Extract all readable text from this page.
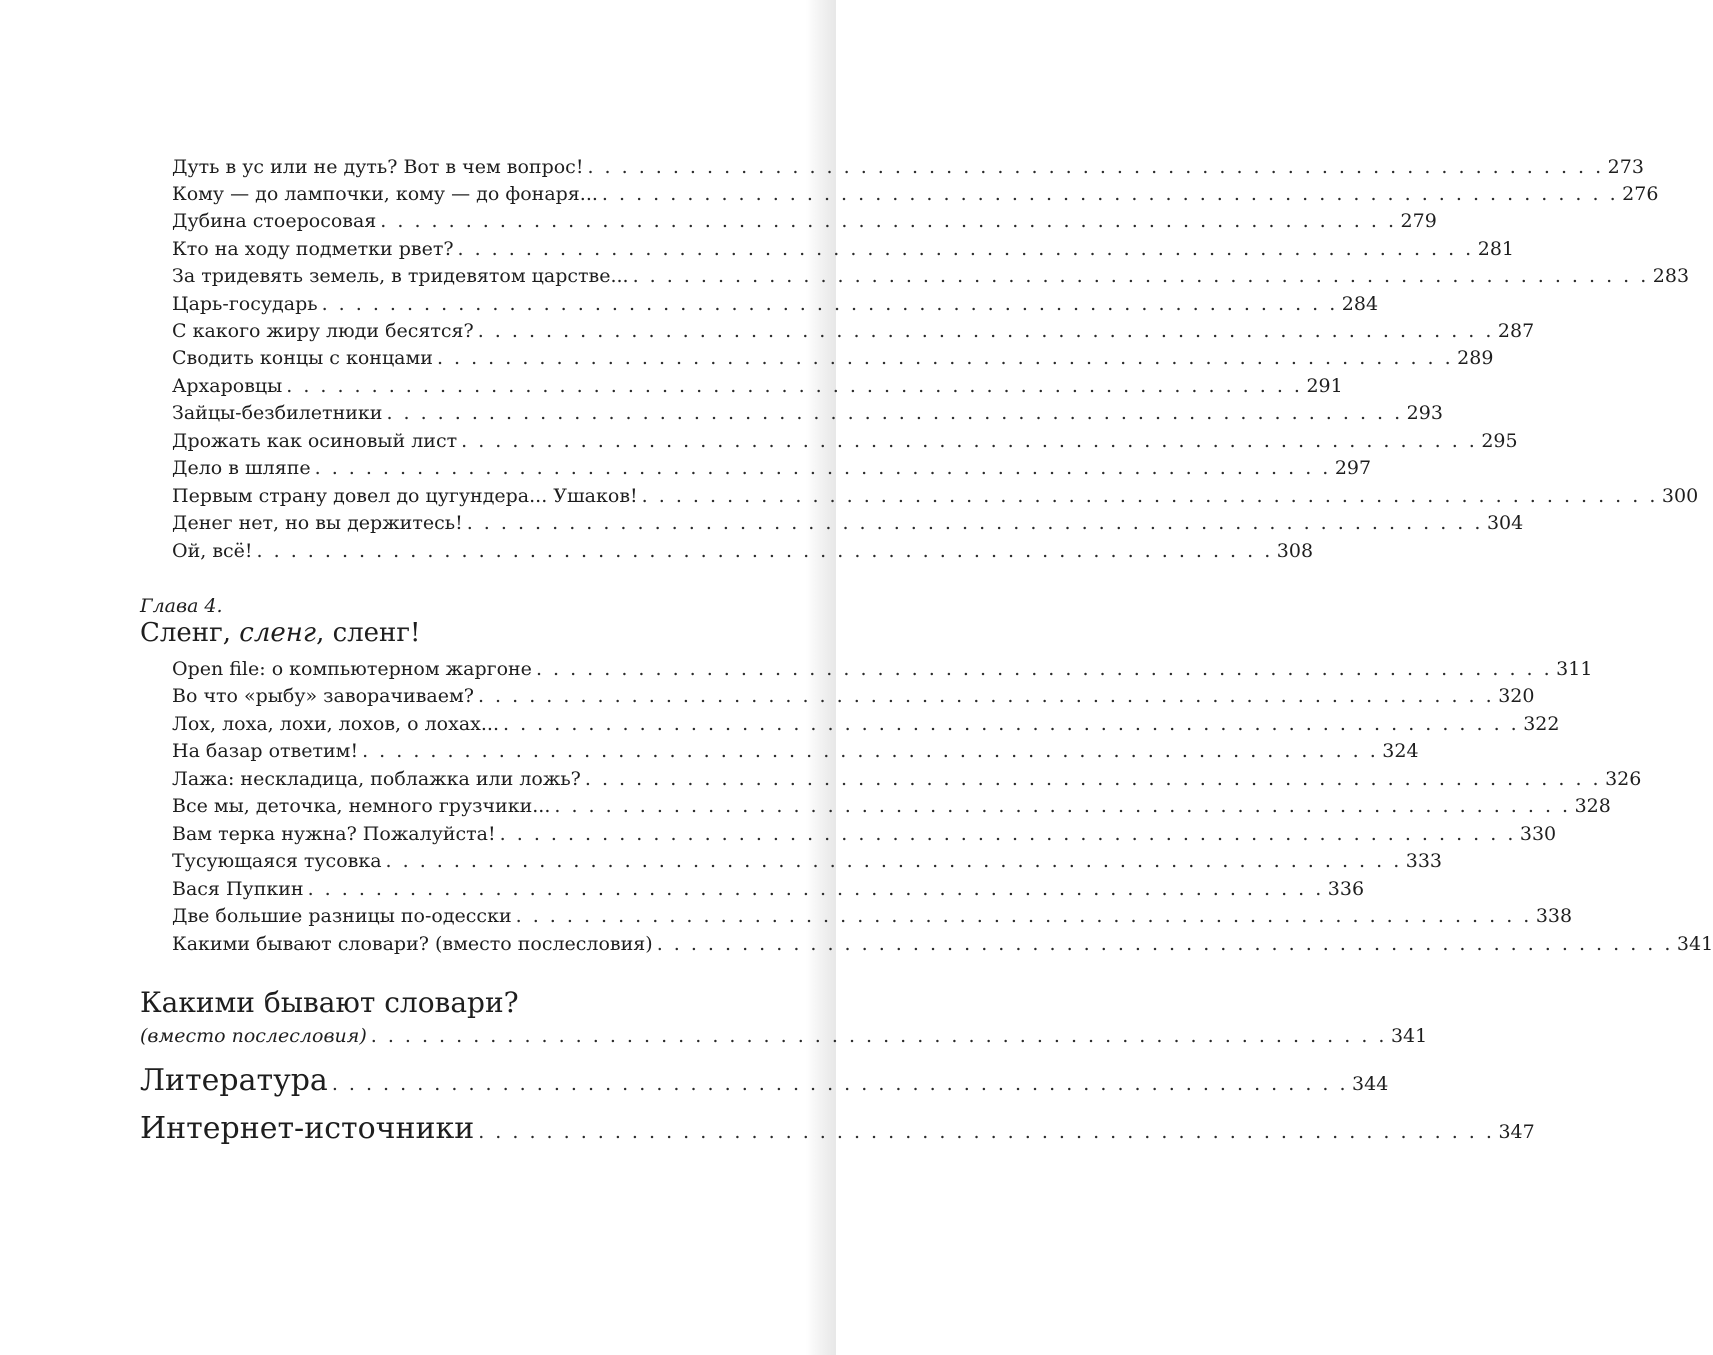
Дуть в ус или не дуть? Вот в чем вопрос! . . . . . . . . . . . . . . . . . . . . . . . . . . . . . . . . . . . . . . . . . . . . . . . . . . . . . . . . . . . . 273
Кому — до лампочки, кому — до фонаря... . . . . . . . . . . . . . . . . . . . . . . . . . . . . . . . . . . . . . . . . . . . . . . . . . . . . . . . . . . . . 276
Дубина стоеросовая . . . . . . . . . . . . . . . . . . . . . . . . . . . . . . . . . . . . . . . . . . . . . . . . . . . . . . . . . . . . 279
Кто на ходу подметки рвет? . . . . . . . . . . . . . . . . . . . . . . . . . . . . . . . . . . . . . . . . . . . . . . . . . . . . . . . . . . . . 281
За тридевять земель, в тридевятом царстве... . . . . . . . . . . . . . . . . . . . . . . . . . . . . . . . . . . . . . . . . . . . . . . . . . . . . . . . . . . . . 283
Царь-государь . . . . . . . . . . . . . . . . . . . . . . . . . . . . . . . . . . . . . . . . . . . . . . . . . . . . . . . . . . . . 284
С какого жиру люди бесятся? . . . . . . . . . . . . . . . . . . . . . . . . . . . . . . . . . . . . . . . . . . . . . . . . . . . . . . . . . . . . 287
Сводить концы с концами . . . . . . . . . . . . . . . . . . . . . . . . . . . . . . . . . . . . . . . . . . . . . . . . . . . . . . . . . . . . 289
Архаровцы . . . . . . . . . . . . . . . . . . . . . . . . . . . . . . . . . . . . . . . . . . . . . . . . . . . . . . . . . . . . 291
Зайцы-безбилетники . . . . . . . . . . . . . . . . . . . . . . . . . . . . . . . . . . . . . . . . . . . . . . . . . . . . . . . . . . . . 293
Дрожать как осиновый лист . . . . . . . . . . . . . . . . . . . . . . . . . . . . . . . . . . . . . . . . . . . . . . . . . . . . . . . . . . . . 295
Дело в шляпе . . . . . . . . . . . . . . . . . . . . . . . . . . . . . . . . . . . . . . . . . . . . . . . . . . . . . . . . . . . . 297
Первым страну довел до цугундера... Ушаков! . . . . . . . . . . . . . . . . . . . . . . . . . . . . . . . . . . . . . . . . . . . . . . . . . . . . . . . . . . . . 300
Денег нет, но вы держитесь! . . . . . . . . . . . . . . . . . . . . . . . . . . . . . . . . . . . . . . . . . . . . . . . . . . . . . . . . . . . . 304
Ой, всё! . . . . . . . . . . . . . . . . . . . . . . . . . . . . . . . . . . . . . . . . . . . . . . . . . . . . . . . . . . . . 308
Глава 4.
Сленг, сленг, сленг!
Open file: о компьютерном жаргоне . . . . . . . . . . . . . . . . . . . . . . . . . . . . . . . . . . . . . . . . . . . . . . . . . . . . . . . . . . . . 311
Во что «рыбу» заворачиваем? . . . . . . . . . . . . . . . . . . . . . . . . . . . . . . . . . . . . . . . . . . . . . . . . . . . . . . . . . . . . 320
Лох, лоха, лохи, лохов, о лохах... . . . . . . . . . . . . . . . . . . . . . . . . . . . . . . . . . . . . . . . . . . . . . . . . . . . . . . . . . . . . 322
На базар ответим! . . . . . . . . . . . . . . . . . . . . . . . . . . . . . . . . . . . . . . . . . . . . . . . . . . . . . . . . . . . . 324
Лажа: нескладица, поблажка или ложь? . . . . . . . . . . . . . . . . . . . . . . . . . . . . . . . . . . . . . . . . . . . . . . . . . . . . . . . . . . . . 326
Все мы, деточка, немного грузчики... . . . . . . . . . . . . . . . . . . . . . . . . . . . . . . . . . . . . . . . . . . . . . . . . . . . . . . . . . . . . 328
Вам терка нужна? Пожалуйста! . . . . . . . . . . . . . . . . . . . . . . . . . . . . . . . . . . . . . . . . . . . . . . . . . . . . . . . . . . . . 330
Тусующаяся тусовка . . . . . . . . . . . . . . . . . . . . . . . . . . . . . . . . . . . . . . . . . . . . . . . . . . . . . . . . . . . . 333
Вася Пупкин . . . . . . . . . . . . . . . . . . . . . . . . . . . . . . . . . . . . . . . . . . . . . . . . . . . . . . . . . . . . 336
Две большие разницы по-одесски . . . . . . . . . . . . . . . . . . . . . . . . . . . . . . . . . . . . . . . . . . . . . . . . . . . . . . . . . . . . 338
Какими бывают словари? (вместо послесловия) . . . . . . . . . . . . . . . . . . . . . . . . . . . . . . . . . . . . . . . . . . . . . . . . . . . . . . . . . . . . 341
Какими бывают словари?
(вместо послесловия) . . . . . . . . . . . . . . . . . . . . . . . . . . . . . . . . . . . . . . . . . . . . . . . . . . . . . . . . . . . . 341
Литература . . . . . . . . . . . . . . . . . . . . . . . . . . . . . . . . . . . . . . . . . . . . . . . . . . . . . . . . . . . . 344
Интернет-источники . . . . . . . . . . . . . . . . . . . . . . . . . . . . . . . . . . . . . . . . . . . . . . . . . . . . . . . . . . . . 347
